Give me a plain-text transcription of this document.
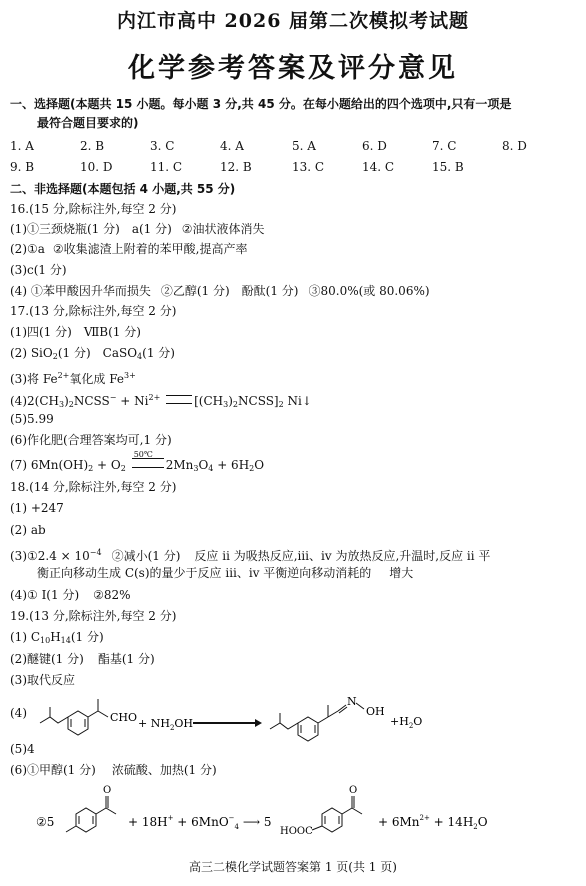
内江市高中 2026 届第二次模拟考试题
化学参考答案及评分意见
一、选择题(本题共 15 小题。每小题 3 分,共 45 分。在每小题给出的四个选项中,只有一项是
最符合题目要求的)
1. A	2. B	3. C	4. A	5. A	6. D	7. C	8. D
9. B	10. D	11. C	12. B	13. C	14. C	15. B
二、非选择题(本题包括 4 小题,共 55 分)
16.(15 分,除标注外,每空 2 分)
(1)①三颈烧瓶(1 分) a(1 分) ②油状液体消失
(2)①a ②收集滤渣上附着的苯甲酸,提高产率
(3)c(1 分)
(4) ①苯甲酸因升华而损失 ②乙醇(1 分) 酚酞(1 分) ③80.0%(或 80.06%)
17.(13 分,除标注外,每空 2 分)
(1)四(1 分) ⅦB(1 分)
(2) SiO$_2$(1 分) CaSO$_4$(1 分)
(3)将 $Fe^{2+}$氧化成 $Fe^{3+}$
$(4)2(CH_3)_2NCSS^- + Ni^{2+}$	$[(CH_3)_2NCSS]_2$ Ni↓
(5)5.99
(6)作化肥(合理答案均可,1 分)
(7) $6Mn(OH)_2 + O_2$
50℃
$2Mn_3O_4 + 6H_2O$
18.(14 分,除标注外,每空 2 分)
(1) +247
(2) ab
(3)①2.4 × $10^{-4}$ ②减小(1 分) 反应 ⅱ 为吸热反应,ⅲ、ⅳ 为放热反应,升温时,反应 ⅱ 平
衡正向移动生成 C(s)的量少于反应 ⅲ、ⅳ 平衡逆向移动消耗的 增大
(4)① Ⅰ(1 分) ②82%
19.(13 分,除标注外,每空 2 分)
(1) $C_{10}H_{14}(1$ 分)
(2)醚键(1 分) 酯基(1 分)
(3)取代反应
(4)	CHO + $NH_2OH$
N
OH
$+H_2O$
(5)4
(6)①甲醇(1 分) 浓硫酸、加热(1 分)
②5
O
+ 18H+ + 6MnO−$_4$ ⟶ 5
HOOC
O
+ $6Mn^{2+} + 14H_2O$
高三二模化学试题答案第 1 页(共 1 页)
